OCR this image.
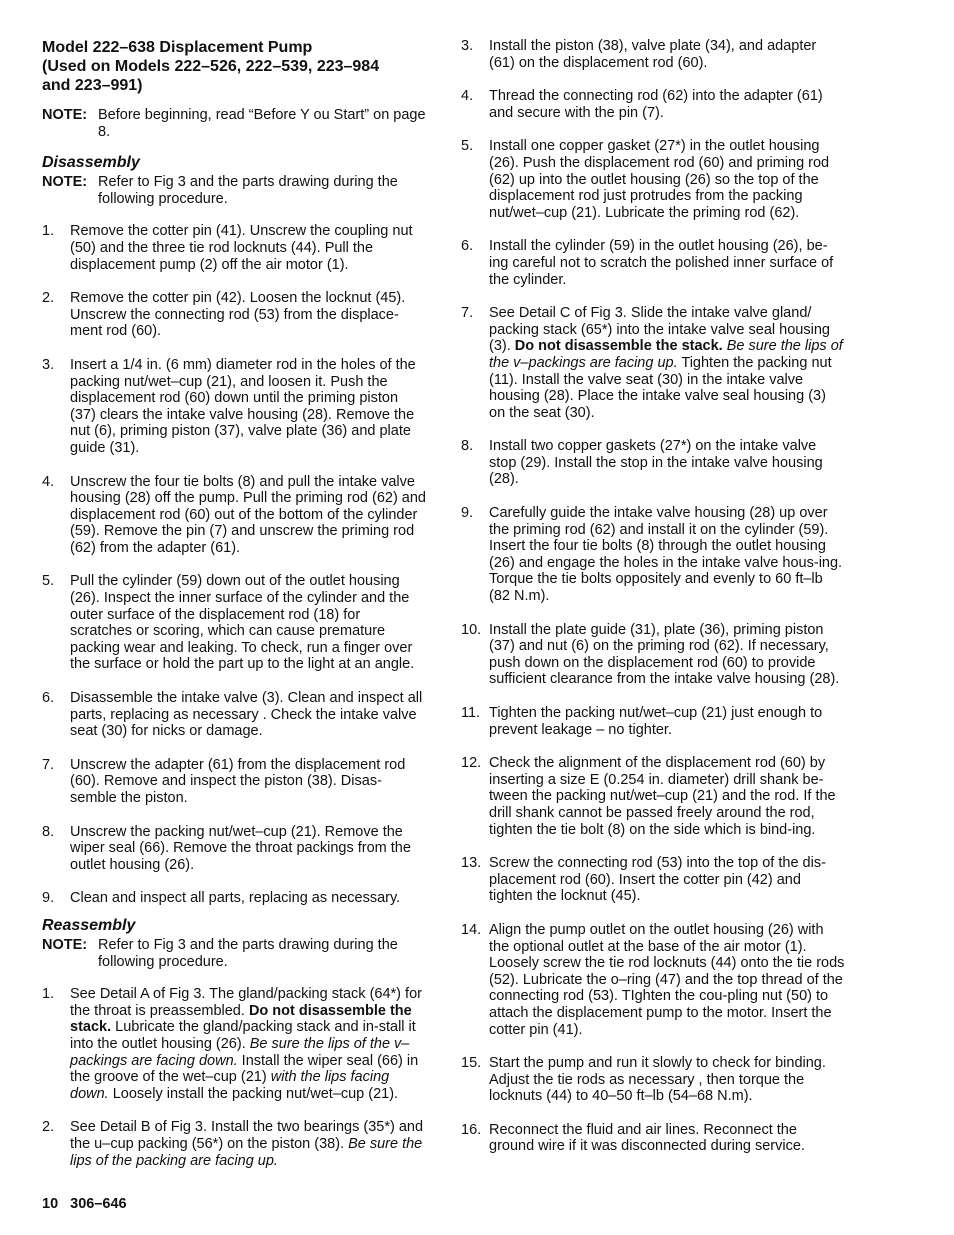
Model 222–638 Displacement Pump
(Used on Models 222–526, 222–539, 223–984
and 223–991)
NOTE: Before beginning, read “Before Y ou Start” on page 8.
Disassembly
NOTE: Refer to Fig 3 and the parts drawing during the following procedure.
1.	Remove the cotter pin (41). Unscrew the coupling nut (50) and the three tie rod locknuts (44). Pull the displacement pump (2) off the air motor (1).
2.	Remove the cotter pin (42). Loosen the locknut (45). Unscrew the connecting rod (53) from the displace-ment rod (60).
3.	Insert a 1/4 in. (6 mm) diameter rod in the holes of the packing nut/wet–cup (21), and loosen it. Push the displacement rod (60) down until the priming piston (37) clears the intake valve housing (28). Remove the nut (6), priming piston (37), valve plate (36) and plate guide (31).
4.	Unscrew the four tie bolts (8) and pull the intake valve housing (28) off the pump. Pull the priming rod (62) and displacement rod (60) out of the bottom of the cylinder (59). Remove the pin (7) and unscrew the priming rod (62) from the adapter (61).
5.	Pull the cylinder (59) down out of the outlet housing (26). Inspect the inner surface of the cylinder and the outer surface of the displacement rod (18) for scratches or scoring, which can cause premature packing wear and leaking. To check, run a finger over the surface or hold the part up to the light at an angle.
6.	Disassemble the intake valve (3). Clean and inspect all parts, replacing as necessary . Check the intake valve seat (30) for nicks or damage.
7.	Unscrew the adapter (61) from the displacement rod (60). Remove and inspect the piston (38). Disas-semble the piston.
8.	Unscrew the packing nut/wet–cup (21). Remove the wiper seal (66). Remove the throat packings from the outlet housing (26).
9.	Clean and inspect all parts, replacing as necessary.
Reassembly
NOTE: Refer to Fig 3 and the parts drawing during the following procedure.
1.	See Detail A of Fig 3. The gland/packing stack (64*) for the throat is preassembled. Do not disassemble the stack. Lubricate the gland/packing stack and in-stall it into the outlet housing (26). Be sure the lips of the v–packings are facing down. Install the wiper seal (66) in the groove of the wet–cup (21) with the lips facing down. Loosely install the packing nut/wet–cup (21).
2.	See Detail B of Fig 3. Install the two bearings (35*) and the u–cup packing (56*) on the piston (38). Be sure the lips of the packing are facing up.
3.	Install the piston (38), valve plate (34), and adapter (61) on the displacement rod (60).
4.	Thread the connecting rod (62) into the adapter (61) and secure with the pin (7).
5.	Install one copper gasket (27*) in the outlet housing (26). Push the displacement rod (60) and priming rod (62) up into the outlet housing (26) so the top of the displacement rod just protrudes from the packing nut/wet–cup (21). Lubricate the priming rod (62).
6.	Install the cylinder (59) in the outlet housing (26), be-ing careful not to scratch the polished inner surface of the cylinder.
7.	See Detail C of Fig 3. Slide the intake valve gland/ packing stack (65*) into the intake valve seal housing (3). Do not disassemble the stack. Be sure the lips of the v–packings are facing up. Tighten the packing nut (11). Install the valve seat (30) in the intake valve housing (28). Place the intake valve seal housing (3) on the seat (30).
8.	Install two copper gaskets (27*) on the intake valve stop (29). Install the stop in the intake valve housing (28).
9.	Carefully guide the intake valve housing (28) up over the priming rod (62) and install it on the cylinder (59). Insert the four tie bolts (8) through the outlet housing (26) and engage the holes in the intake valve hous-ing. Torque the tie bolts oppositely and evenly to 60 ft–lb (82 N.m).
10. Install the plate guide (31), plate (36), priming piston (37) and nut (6) on the priming rod (62). If necessary, push down on the displacement rod (60) to provide sufficient clearance from the intake valve housing (28).
11. Tighten the packing nut/wet–cup (21) just enough to prevent leakage – no tighter.
12. Check the alignment of the displacement rod (60) by inserting a size E (0.254 in. diameter) drill shank be-tween the packing nut/wet–cup (21) and the rod. If the drill shank cannot be passed freely around the rod, tighten the tie bolt (8) on the side which is bind-ing.
13. Screw the connecting rod (53) into the top of the dis-placement rod (60). Insert the cotter pin (42) and tighten the locknut (45).
14. Align the pump outlet on the outlet housing (26) with the optional outlet at the base of the air motor (1). Loosely screw the tie rod locknuts (44) onto the tie rods (52). Lubricate the o–ring (47) and the top thread of the connecting rod (53). TIghten the cou-pling nut (50) to attach the displacement pump to the motor. Insert the cotter pin (41).
15. Start the pump and run it slowly to check for binding. Adjust the tie rods as necessary , then torque the locknuts (44) to 40–50 ft–lb (54–68 N.m).
16. Reconnect the fluid and air lines. Reconnect the ground wire if it was disconnected during service.
10 306–646
